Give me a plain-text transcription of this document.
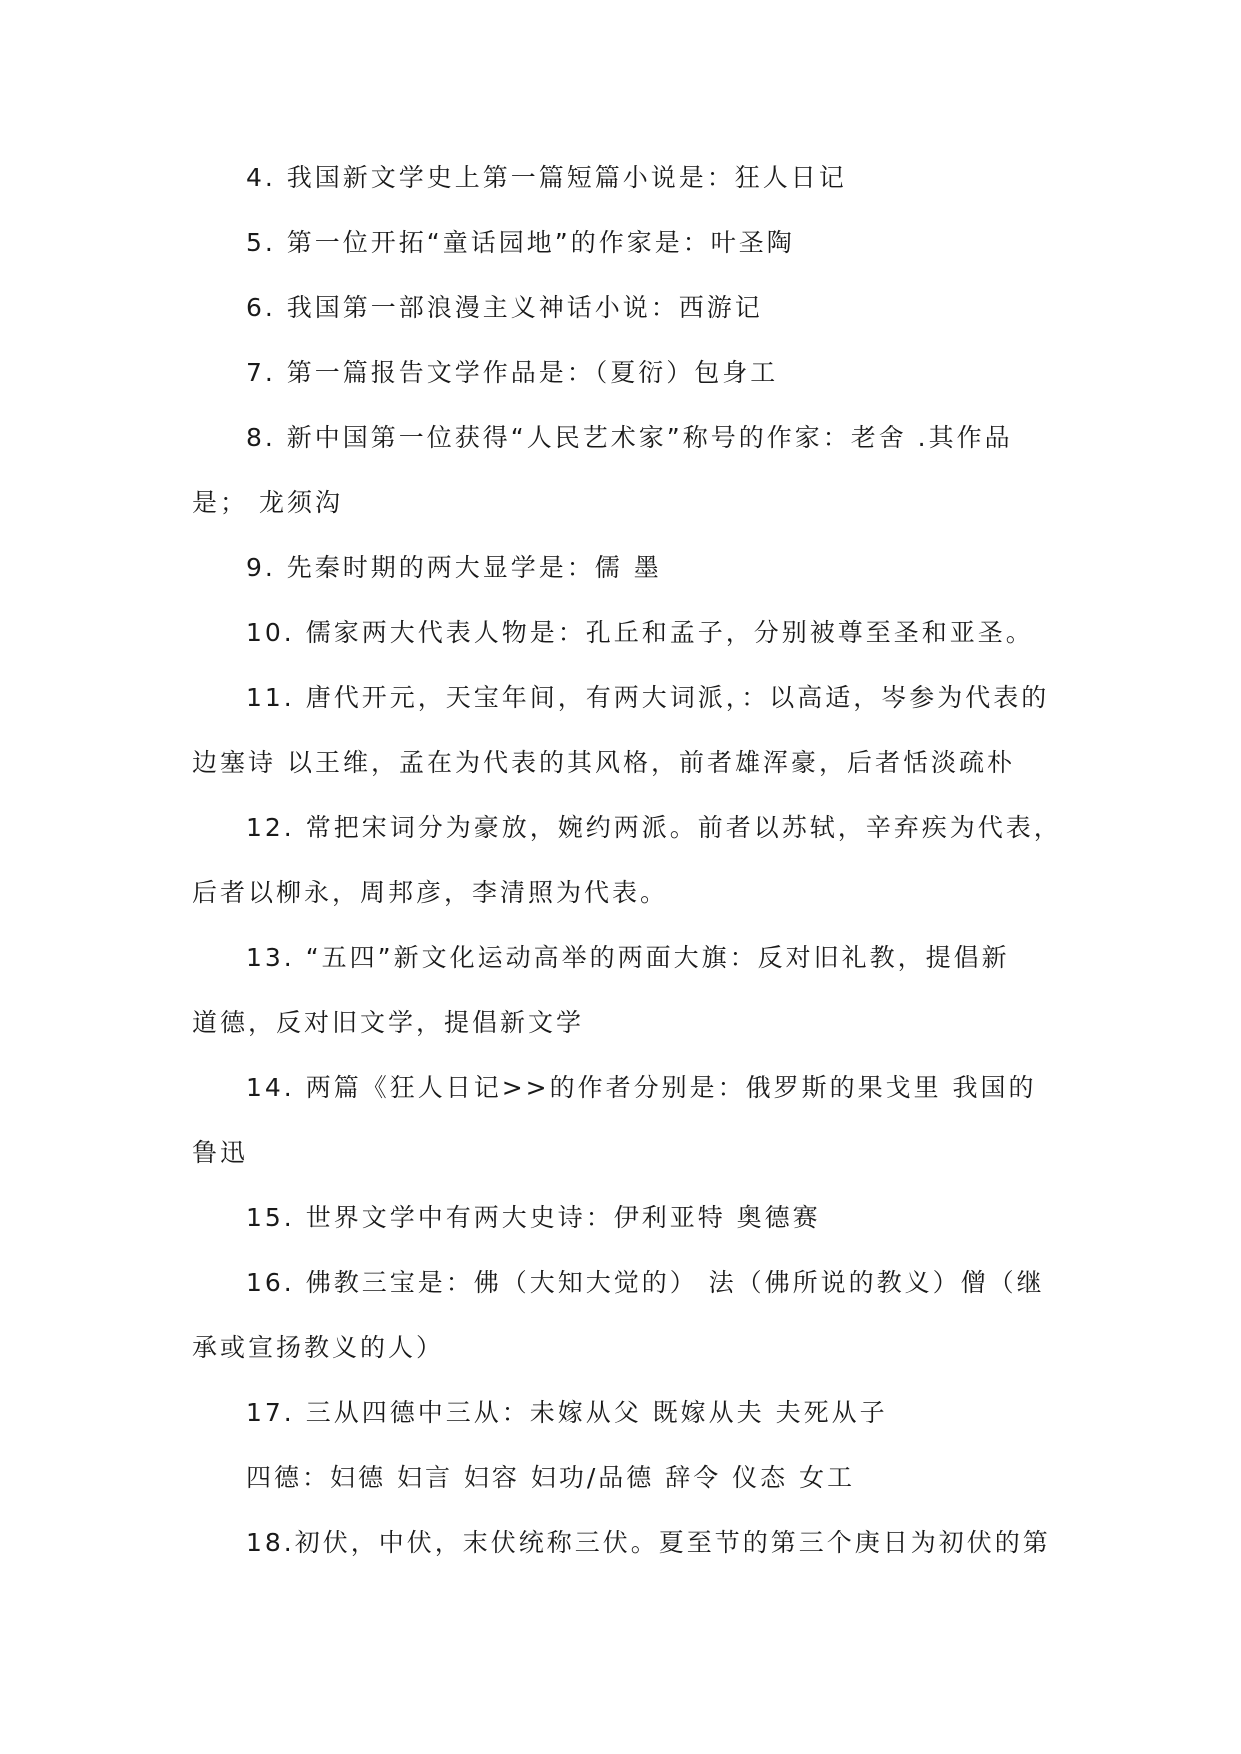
4. 我国新文学史上第一篇短篇小说是：狂人日记
5. 第一位开拓“童话园地”的作家是：叶圣陶
6. 我国第一部浪漫主义神话小说：西游记
7. 第一篇报告文学作品是：（夏衍）包身工
8. 新中国第一位获得“人民艺术家”称号的作家：老舍 .其作品
是； 龙须沟
9. 先秦时期的两大显学是：儒 墨
10. 儒家两大代表人物是：孔丘和孟子，分别被尊至圣和亚圣。
11. 唐代开元，天宝年间，有两大词派，：以高适，岑参为代表的
边塞诗 以王维，孟在为代表的其风格，前者雄浑豪，后者恬淡疏朴
12. 常把宋词分为豪放，婉约两派。前者以苏轼，辛弃疾为代表，
后者以柳永，周邦彦，李清照为代表。
13. “五四”新文化运动高举的两面大旗：反对旧礼教，提倡新
道德，反对旧文学，提倡新文学
14. 两篇《狂人日记>>的作者分别是：俄罗斯的果戈里 我国的
鲁迅
15. 世界文学中有两大史诗：伊利亚特 奥德赛
16. 佛教三宝是：佛（大知大觉的） 法（佛所说的教义）僧（继
承或宣扬教义的人）
17. 三从四德中三从：未嫁从父 既嫁从夫 夫死从子
四德：妇德 妇言 妇容 妇功/品德 辞令 仪态 女工
18.初伏，中伏，末伏统称三伏。夏至节的第三个庚日为初伏的第
